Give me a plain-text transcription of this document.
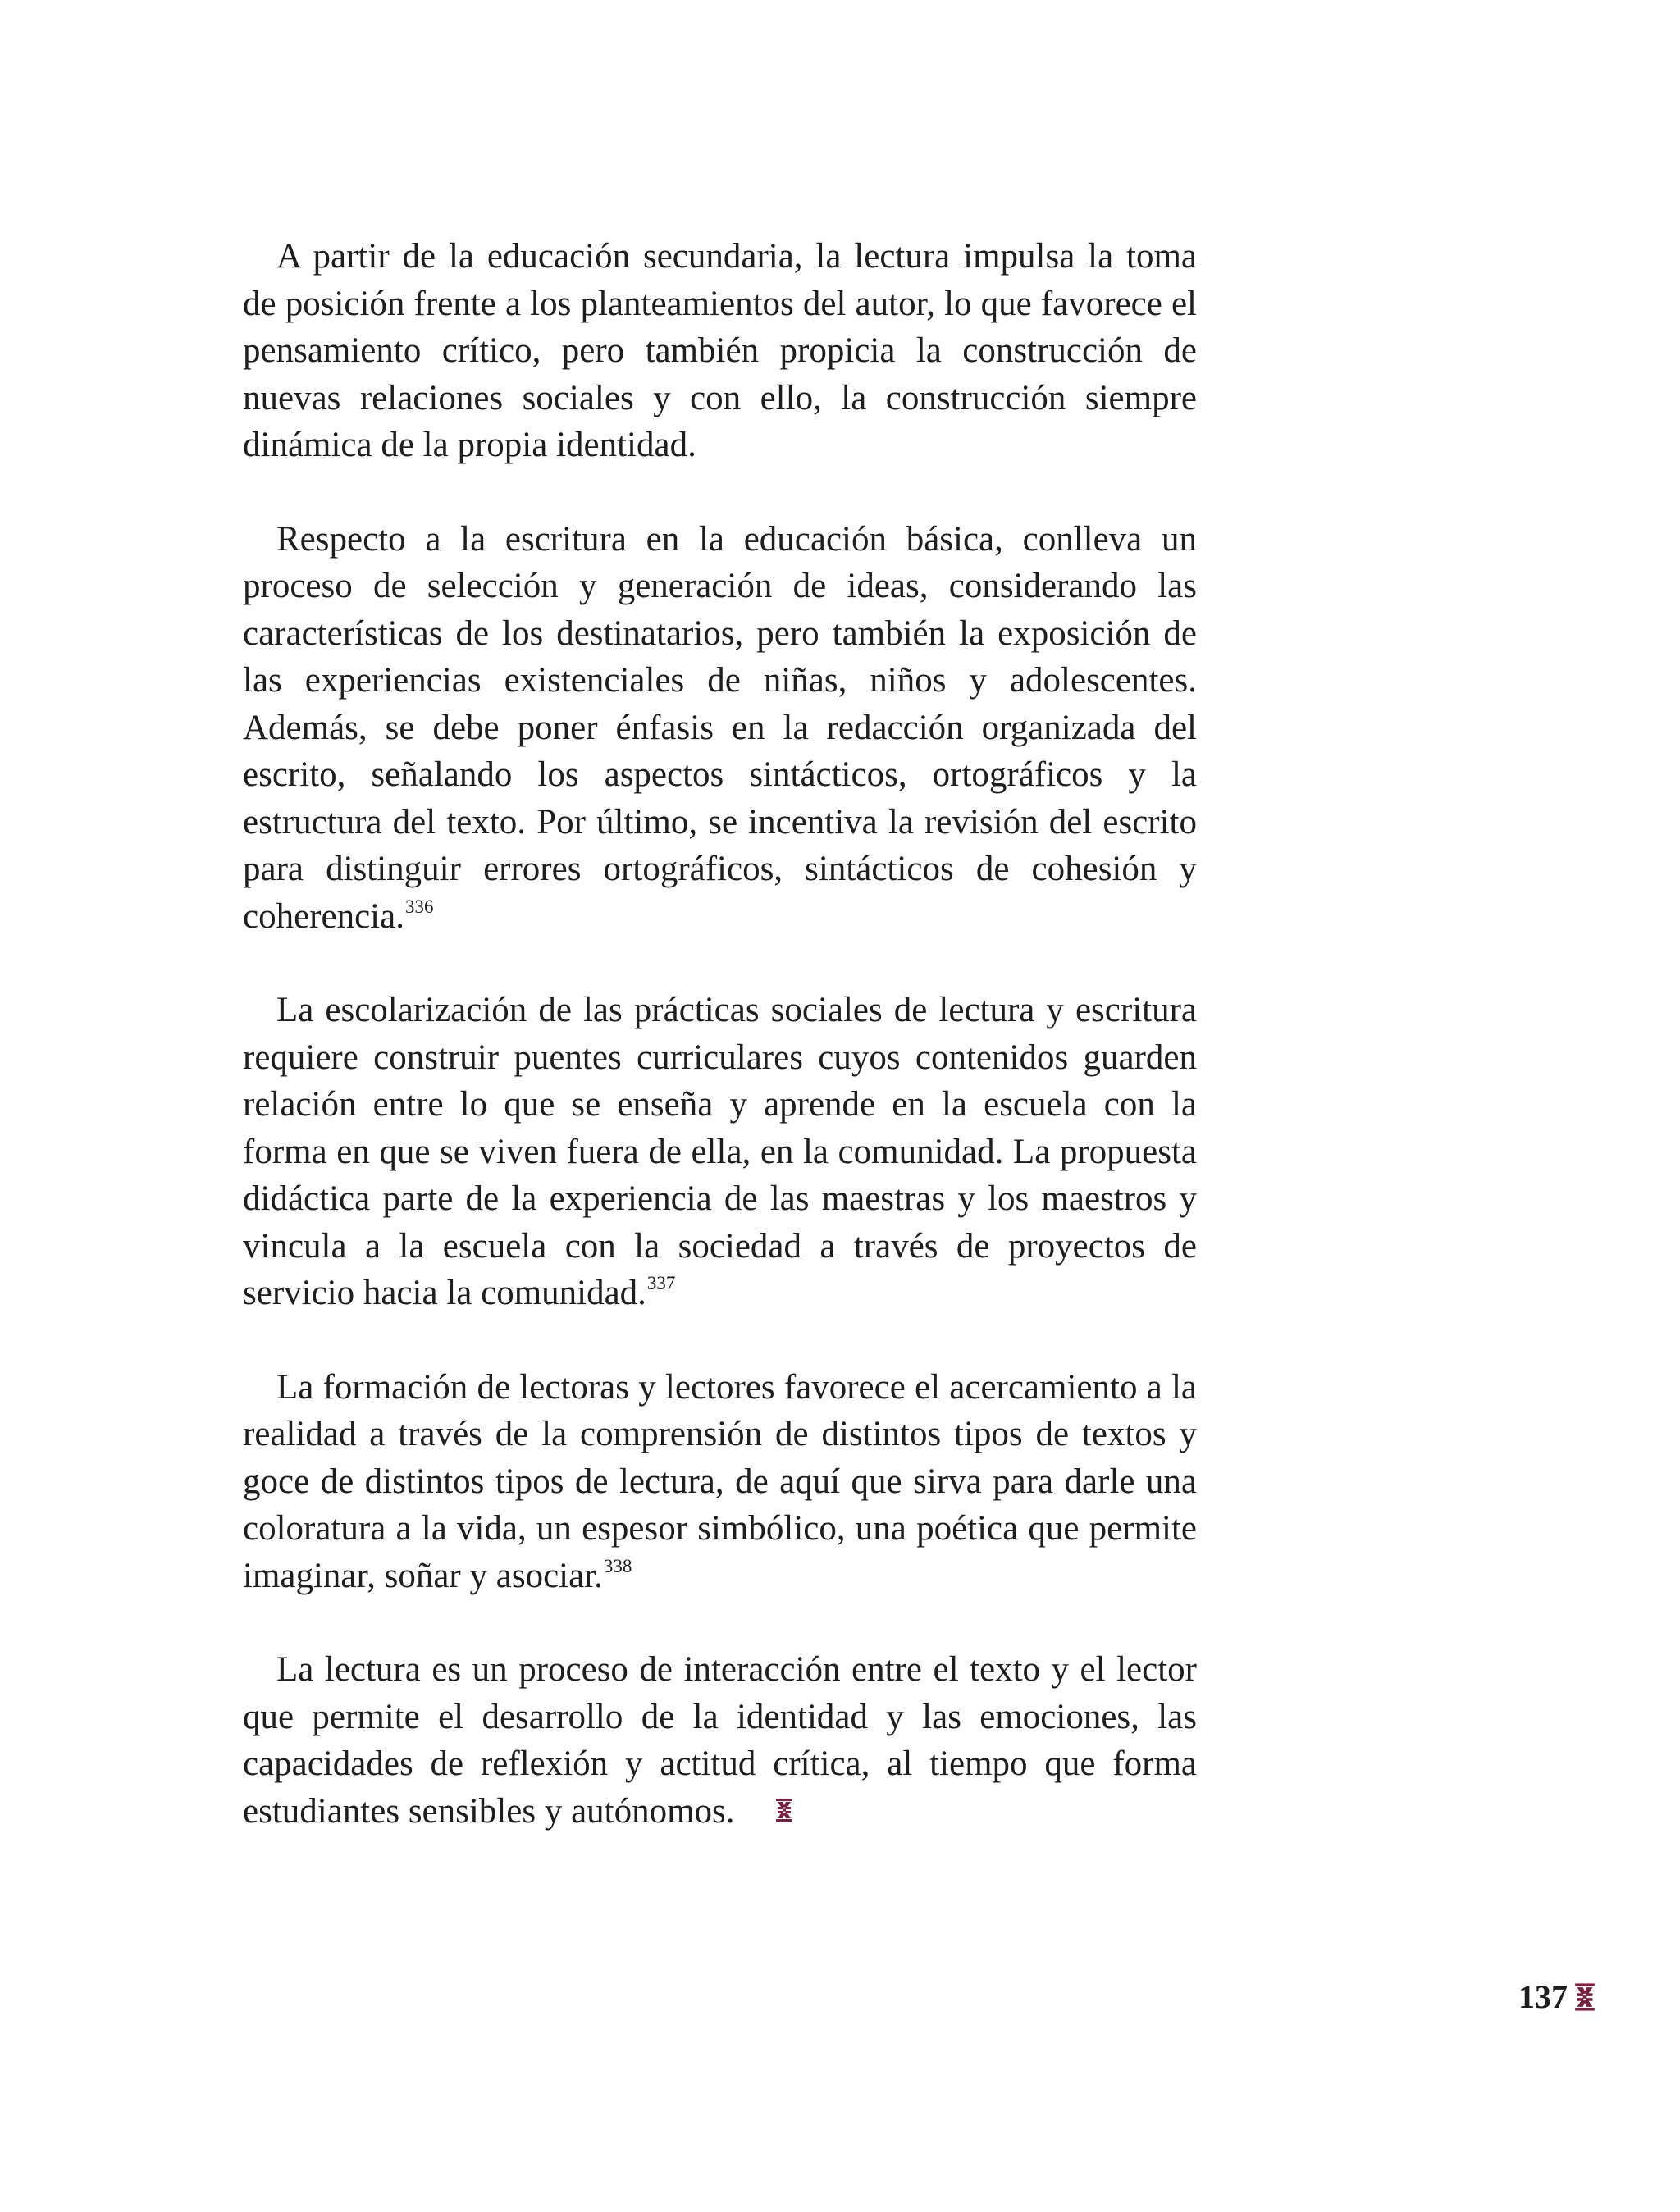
A partir de la educación secundaria, la lectura impulsa la toma de posición frente a los planteamientos del autor, lo que favorece el pensamiento crítico, pero también propicia la construcción de nuevas relaciones sociales y con ello, la construcción siempre dinámica de la propia identidad.

Respecto a la escritura en la educación básica, conlleva un proceso de selección y generación de ideas, considerando las características de los destinatarios, pero también la exposición de las experiencias existenciales de niñas, niños y adolescentes. Además, se debe poner énfasis en la redacción organizada del escrito, señalando los aspectos sintácticos, ortográficos y la estructura del texto. Por último, se incentiva la revisión del escrito para distinguir errores ortográficos, sintácticos de cohesión y coherencia.$^{336}$

La escolarización de las prácticas sociales de lectura y escritura requiere construir puentes curriculares cuyos contenidos guarden relación entre lo que se enseña y aprende en la escuela con la forma en que se viven fuera de ella, en la comunidad. La propuesta didáctica parte de la experiencia de las maestras y los maestros y vincula a la escuela con la sociedad a través de proyectos de servicio hacia la comunidad.$^{337}$

La formación de lectoras y lectores favorece el acercamiento a la realidad a través de la comprensión de distintos tipos de textos y goce de distintos tipos de lectura, de aquí que sirva para darle una coloratura a la vida, un espesor simbólico, una poética que permite imaginar, soñar y asociar.$^{338}$

La lectura es un proceso de interacción entre el texto y el lector que permite el desarrollo de la identidad y las emociones, las capacidades de reflexión y actitud crítica, al tiempo que forma estudiantes sensibles y autónomos.

137
